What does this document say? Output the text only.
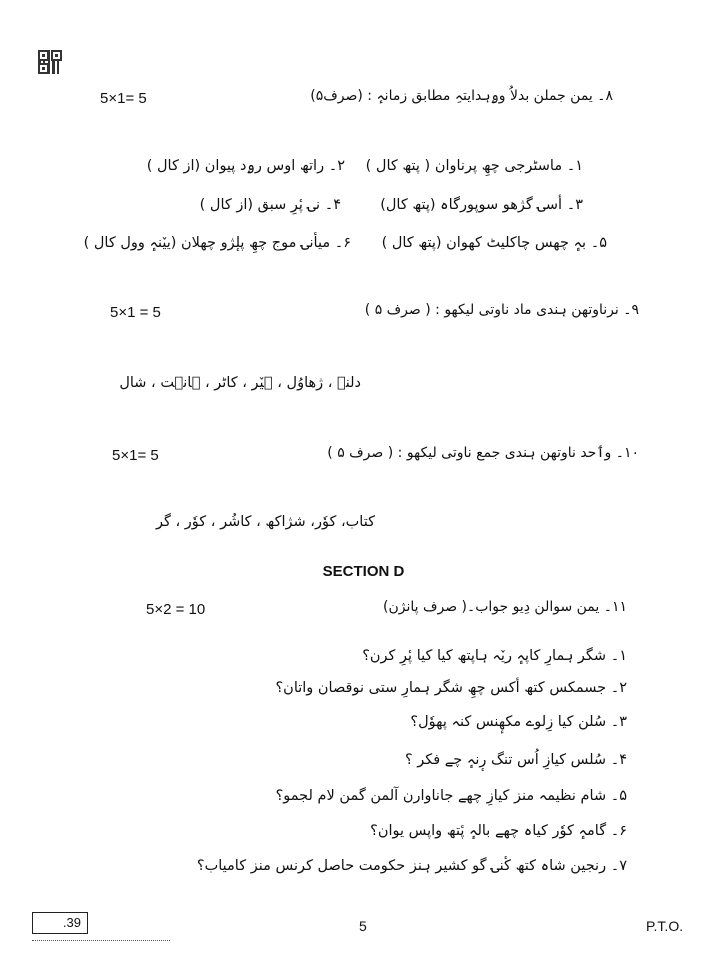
5×1= 5	۸۔ یمن جملن بدلاُ وۄہدایتہِ مطابق زمانہٕ : (صرف۵)
۱۔ ماسٹرجی چھِ پرناوان ( پتھ کال )
۲۔ راتھ اوس رۄد پیوان (از کال )
۳۔ أسۍ گژھو سوپورگاہ (پتھ کال)
۴۔ نۍ پٔرِ سبق (از کال )
۵۔ بہٕ چھس چاکلیٹ کھوان (پتھ کال )
۶۔ میأنۍ موج چھِ پلٕژو چھلان (ییٚنہٕ وول کال )
5×1 = 5	۹۔ نرناوتھن ہندی ماد ناوتی لیکھو : ( صرف ۵ )
دلنہ ، ژھاوُل ، ہیٚر ، کاٹر ، ہانٛت ، شال
5×1= 5	۱۰۔ وٲحد ناوتھن ہندی جمع ناوتی لیکھو : ( صرف ۵ )
کتاب، کوٗر، شژاکھ ، کاشُر ، کوٗر ، گر
SECTION D
5×2 = 10	۱۱۔ یمن سوالن دِیو جواب۔( صرف پانژن)
۱۔ شگر ہمارِ کاپہٕ ریٚہ ہاپتھ کیا کیا پٔرِ کرن؟
۲۔ جسمکس کتھ أکس چھِ شگر ہمارِ ستی نوقصان واتان؟
۳۔ سُلن کیا زِلوے مکھٕنس کنہ پھوٗل؟
۴۔ سُلس کیازِ اُس تنگ رٕنہٕ چے فکر ؟
۵۔ شام نظیمہ منز کیازِ چھے جاناوارن آلمن گمن لام لجمو؟
۶۔ گامہٕ کوٗر کیاہ چھے بالہٕ پٔتھ واپس یوان؟
۷۔ رنجین شاہ کتھ کٔنۍ گو کشیر ہنز حکومت حاصل کرنس منز کامیاب؟
.39	5	P.T.O.
